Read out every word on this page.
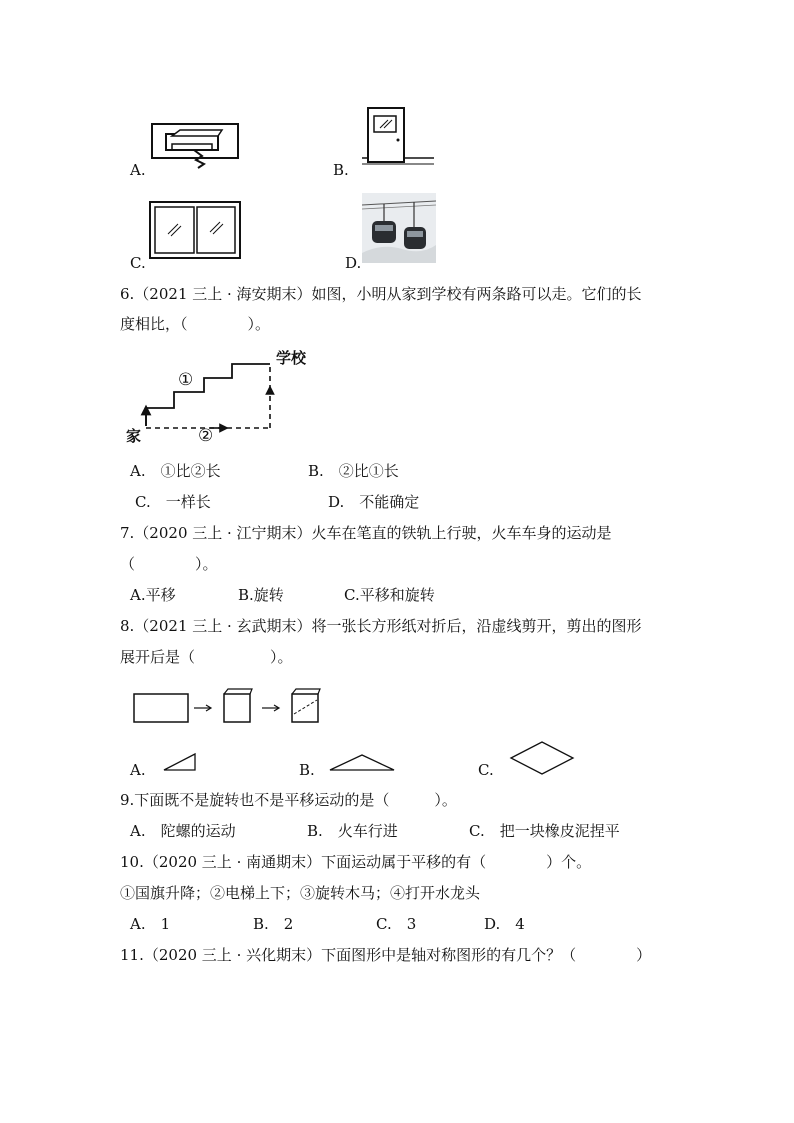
A.	B.
C.	D.
6.（2021 三上 · 海安期末）如图，小明从家到学校有两条路可以走。它们的长
度相比，（　　　　）。
学校
家
①
②
A.　①比②长	B.　②比①长
C.　一样长	D.　不能确定
7.（2020 三上 · 江宁期末）火车在笔直的铁轨上行驶，火车车身的运动是
（　　　　）。
A.平移	B.旋转	C.平移和旋转
8.（2021 三上 · 玄武期末）将一张长方形纸对折后，沿虚线剪开，剪出的图形
展开后是（　　　　　）。
A.	B.	C.
9.下面既不是旋转也不是平移运动的是（　　　）。
A.　陀螺的运动	B.　火车行进	C.　把一块橡皮泥捏平
10.（2020 三上 · 南通期末）下面运动属于平移的有（　　　　）个。
①国旗升降；②电梯上下；③旋转木马；④打开水龙头
A.　1	B.　2	C.　3	D.　4
11.（2020 三上 · 兴化期末）下面图形中是轴对称图形的有几个？（　　　　）
